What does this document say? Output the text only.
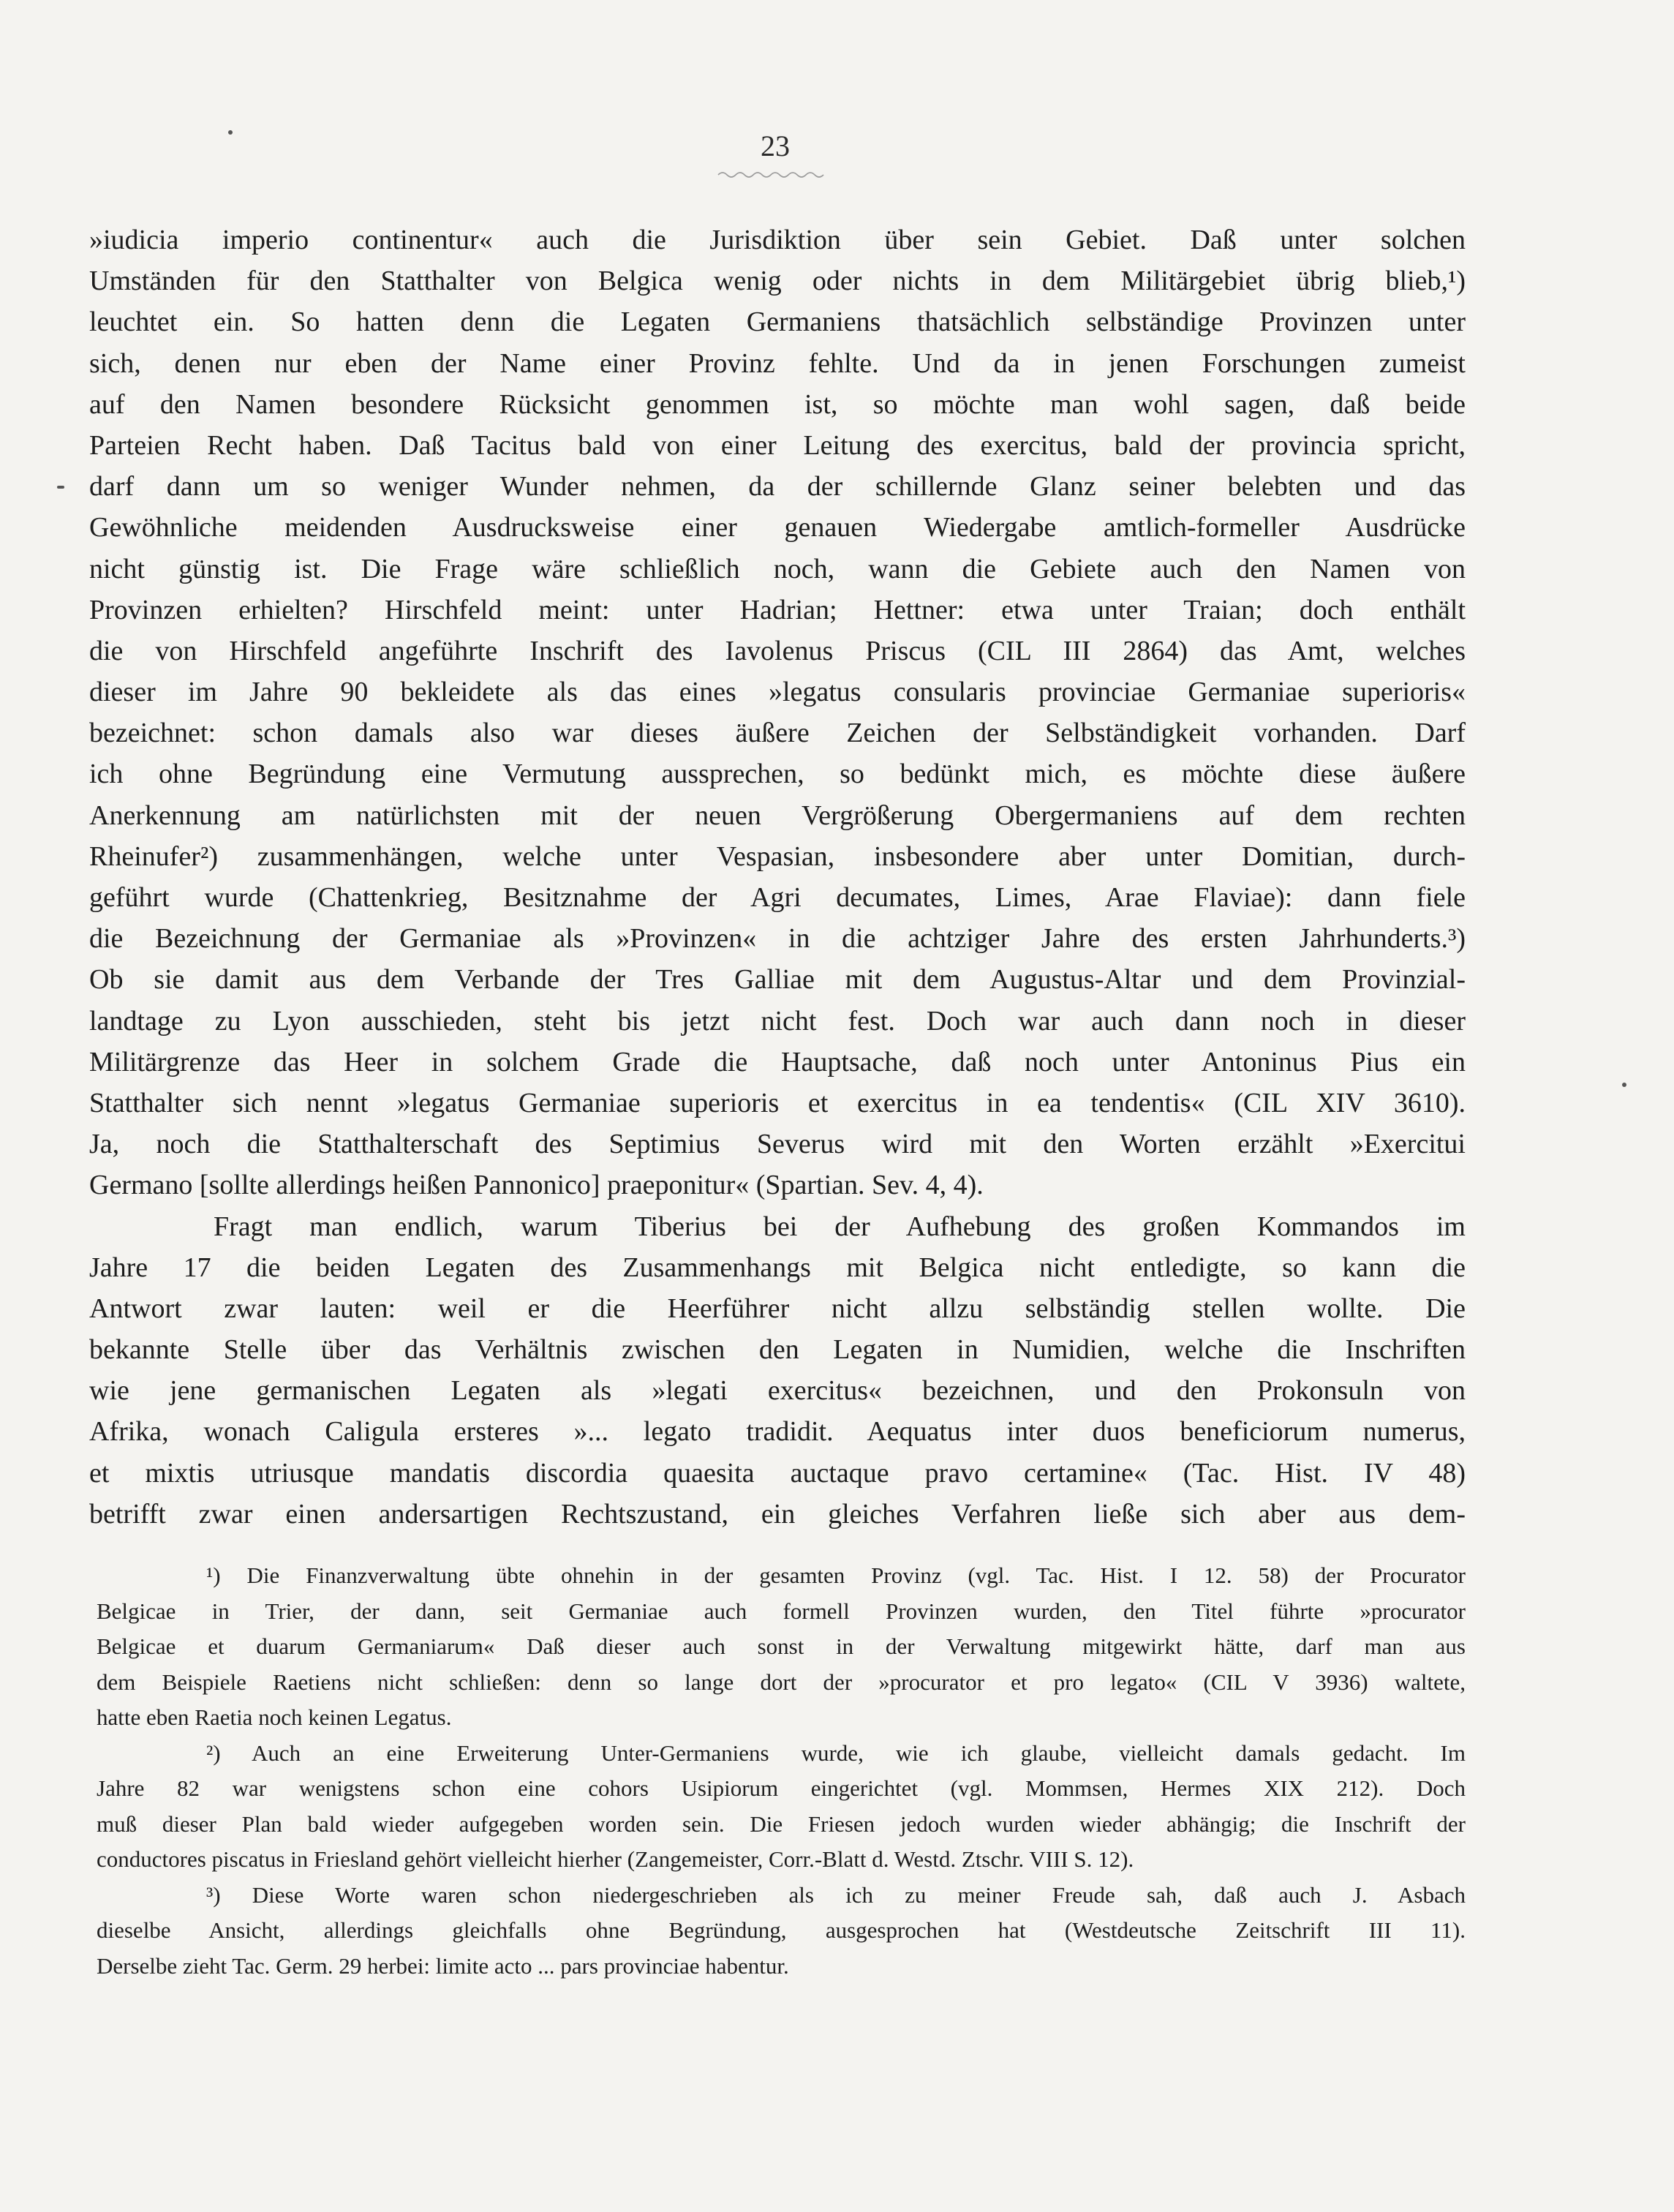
23
»iudicia imperio continentur« auch die Jurisdiktion über sein Gebiet. Daß unter solchen
Umständen für den Statthalter von Belgica wenig oder nichts in dem Militärgebiet übrig blieb,¹)
leuchtet ein. So hatten denn die Legaten Germaniens thatsächlich selbständige Provinzen unter
sich, denen nur eben der Name einer Provinz fehlte. Und da in jenen Forschungen zumeist
auf den Namen besondere Rücksicht genommen ist, so möchte man wohl sagen, daß beide
Parteien Recht haben. Daß Tacitus bald von einer Leitung des exercitus, bald der provincia spricht,
darf dann um so weniger Wunder nehmen, da der schillernde Glanz seiner belebten und das
Gewöhnliche meidenden Ausdrucksweise einer genauen Wiedergabe amtlich-formeller Ausdrücke
nicht günstig ist. Die Frage wäre schließlich noch, wann die Gebiete auch den Namen von
Provinzen erhielten? Hirschfeld meint: unter Hadrian; Hettner: etwa unter Traian; doch enthält
die von Hirschfeld angeführte Inschrift des Iavolenus Priscus (CIL III 2864) das Amt, welches
dieser im Jahre 90 bekleidete als das eines »legatus consularis provinciae Germaniae superioris«
bezeichnet: schon damals also war dieses äußere Zeichen der Selbständigkeit vorhanden. Darf
ich ohne Begründung eine Vermutung aussprechen, so bedünkt mich, es möchte diese äußere
Anerkennung am natürlichsten mit der neuen Vergrößerung Obergermaniens auf dem rechten
Rheinufer²) zusammenhängen, welche unter Vespasian, insbesondere aber unter Domitian, durch-
geführt wurde (Chattenkrieg, Besitznahme der Agri decumates, Limes, Arae Flaviae): dann fiele
die Bezeichnung der Germaniae als »Provinzen« in die achtziger Jahre des ersten Jahrhunderts.³)
Ob sie damit aus dem Verbande der Tres Galliae mit dem Augustus-Altar und dem Provinzial-
landtage zu Lyon ausschieden, steht bis jetzt nicht fest. Doch war auch dann noch in dieser
Militärgrenze das Heer in solchem Grade die Hauptsache, daß noch unter Antoninus Pius ein
Statthalter sich nennt »legatus Germaniae superioris et exercitus in ea tendentis« (CIL XIV 3610).
Ja, noch die Statthalterschaft des Septimius Severus wird mit den Worten erzählt »Exercitui
Germano [sollte allerdings heißen Pannonico] praeponitur« (Spartian. Sev. 4, 4).
Fragt man endlich, warum Tiberius bei der Aufhebung des großen Kommandos im
Jahre 17 die beiden Legaten des Zusammenhangs mit Belgica nicht entledigte, so kann die
Antwort zwar lauten: weil er die Heerführer nicht allzu selbständig stellen wollte. Die
bekannte Stelle über das Verhältnis zwischen den Legaten in Numidien, welche die Inschriften
wie jene germanischen Legaten als »legati exercitus« bezeichnen, und den Prokonsuln von
Afrika, wonach Caligula ersteres »... legato tradidit. Aequatus inter duos beneficiorum numerus,
et mixtis utriusque mandatis discordia quaesita auctaque pravo certamine« (Tac. Hist. IV 48)
betrifft zwar einen andersartigen Rechtszustand, ein gleiches Verfahren ließe sich aber aus dem-
¹) Die Finanzverwaltung übte ohnehin in der gesamten Provinz (vgl. Tac. Hist. I 12. 58) der Procurator
Belgicae in Trier, der dann, seit Germaniae auch formell Provinzen wurden, den Titel führte »procurator
Belgicae et duarum Germaniarum« Daß dieser auch sonst in der Verwaltung mitgewirkt hätte, darf man aus
dem Beispiele Raetiens nicht schließen: denn so lange dort der »procurator et pro legato« (CIL V 3936) waltete,
hatte eben Raetia noch keinen Legatus.
²) Auch an eine Erweiterung Unter-Germaniens wurde, wie ich glaube, vielleicht damals gedacht. Im
Jahre 82 war wenigstens schon eine cohors Usipiorum eingerichtet (vgl. Mommsen, Hermes XIX 212). Doch
muß dieser Plan bald wieder aufgegeben worden sein. Die Friesen jedoch wurden wieder abhängig; die Inschrift der
conductores piscatus in Friesland gehört vielleicht hierher (Zangemeister, Corr.-Blatt d. Westd. Ztschr. VIII S. 12).
³) Diese Worte waren schon niedergeschrieben als ich zu meiner Freude sah, daß auch J. Asbach
dieselbe Ansicht, allerdings gleichfalls ohne Begründung, ausgesprochen hat (Westdeutsche Zeitschrift III 11).
Derselbe zieht Tac. Germ. 29 herbei: limite acto ... pars provinciae habentur.
